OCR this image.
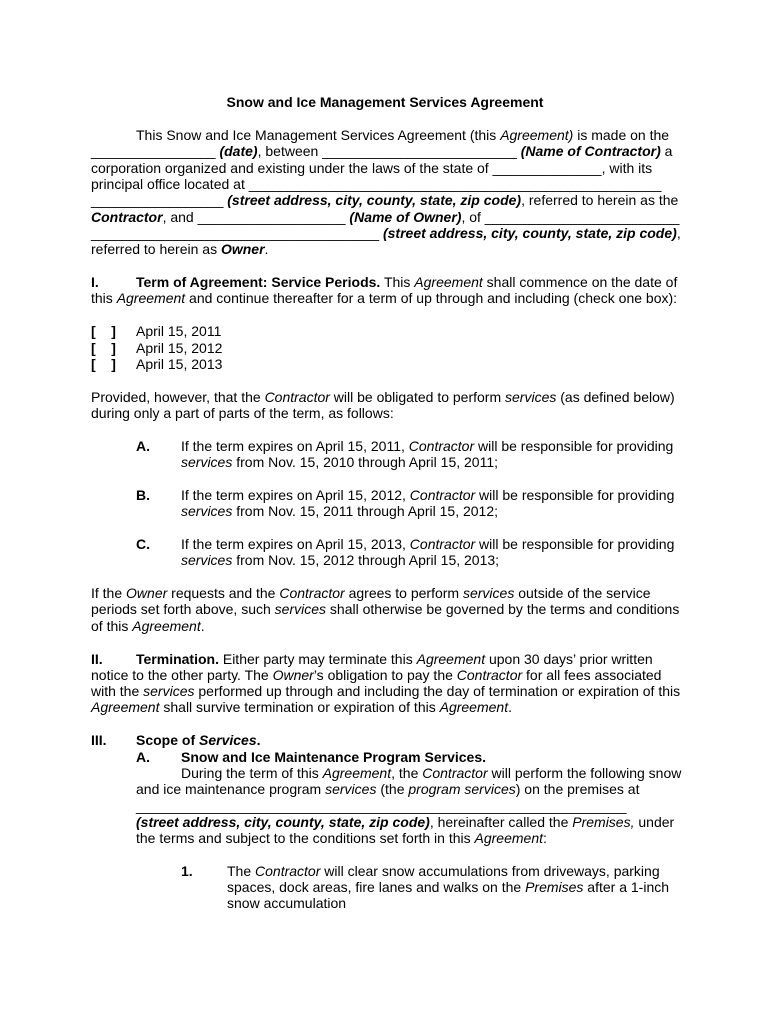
Snow and Ice Management Services Agreement
This Snow and Ice Management Services Agreement (this Agreement) is made on the
________________ (date), between _________________________ (Name of Contractor) a
corporation organized and existing under the laws of the state of ______________, with its
principal office located at _____________________________________________________
_________________ (street address, city, county, state, zip code), referred to herein as the
Contractor, and ___________________ (Name of Owner), of _________________________
_____________________________________ (street address, city, county, state, zip code),
referred to herein as Owner.
I.	Term of Agreement: Service Periods. This Agreement shall commence on the date of
this Agreement and continue thereafter for a term of up through and including (check one box):
[ ] April 15, 2011
[ ] April 15, 2012
[ ] April 15, 2013
Provided, however, that the Contractor will be obligated to perform services (as defined below)
during only a part of parts of the term, as follows:
A. If the term expires on April 15, 2011, Contractor will be responsible for providing
services from Nov. 15, 2010 through April 15, 2011;
B. If the term expires on April 15, 2012, Contractor will be responsible for providing
services from Nov. 15, 2011 through April 15, 2012;
C. If the term expires on April 15, 2013, Contractor will be responsible for providing
services from Nov. 15, 2012 through April 15, 2013;
If the Owner requests and the Contractor agrees to perform services outside of the service
periods set forth above, such services shall otherwise be governed by the terms and conditions
of this Agreement.
II. Termination. Either party may terminate this Agreement upon 30 days’ prior written
notice to the other party. The Owner’s obligation to pay the Contractor for all fees associated
with the services performed up through and including the day of termination or expiration of this
Agreement shall survive termination or expiration of this Agreement.
III. Scope of Services.
A. Snow and Ice Maintenance Program Services.
During the term of this Agreement, the Contractor will perform the following snow
and ice maintenance program services (the program services) on the premises at
_______________________________________________________________
(street address, city, county, state, zip code), hereinafter called the Premises, under
the terms and subject to the conditions set forth in this Agreement:
1. The Contractor will clear snow accumulations from driveways, parking
spaces, dock areas, fire lanes and walks on the Premises after a 1-inch
snow accumulation
